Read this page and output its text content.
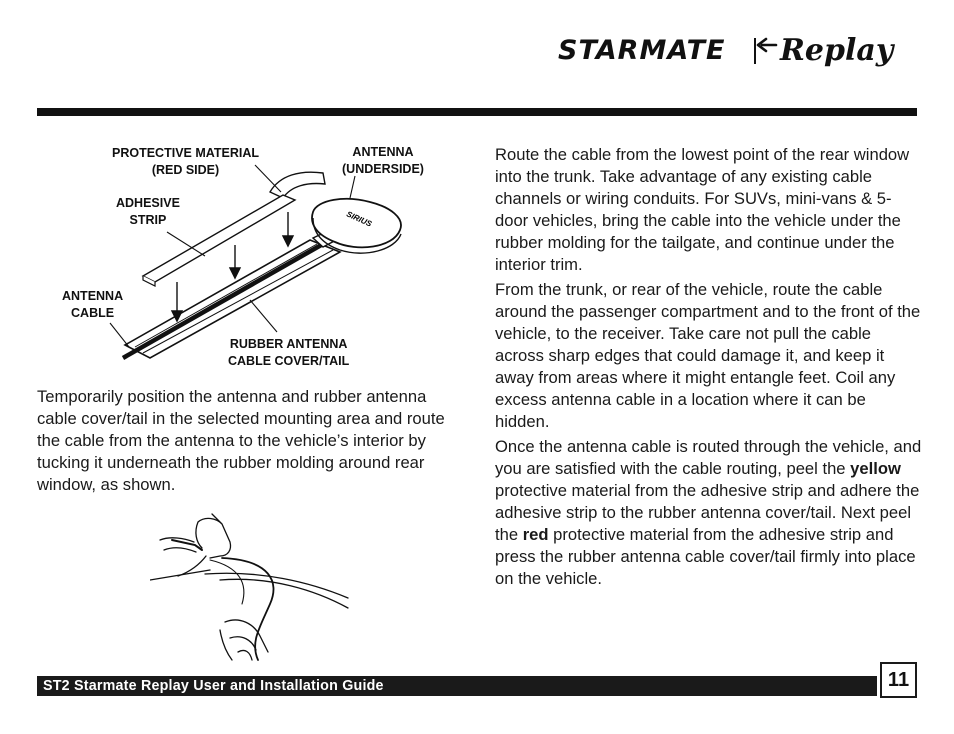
STARMATE Replay
SIRIUS
PROTECTIVE MATERIAL
(RED SIDE)
ANTENNA
(UNDERSIDE)
ADHESIVE
STRIP
ANTENNA
CABLE
RUBBER ANTENNA
CABLE COVER/TAIL

Temporarily position the antenna and rubber antenna cable cover/tail in the selected mounting area and route the cable from the antenna to the vehicle’s interior by tucking it underneath the rubber molding around rear window, as shown.

Route the cable from the lowest point of the rear window into the trunk. Take advantage of any existing cable channels or wiring conduits. For SUVs, mini-vans & 5-door vehicles, bring the cable into the vehicle under the rubber molding for the tailgate, and continue under the interior trim.

From the trunk, or rear of the vehicle, route the cable around the passenger compartment and to the front of the vehicle, to the receiver. Take care not pull the cable across sharp edges that could damage it, and keep it away from areas where it might entangle feet. Coil any excess antenna cable in a location where it can be hidden.

Once the antenna cable is routed through the vehicle, and you are satisfied with the cable routing, peel the yellow protective material from the adhesive strip and adhere the adhesive strip to the rubber antenna cover/tail. Next peel the red protective material from the adhesive strip and press the rubber antenna cable cover/tail firmly into place on the vehicle.

ST2 Starmate Replay User and Installation Guide	11
